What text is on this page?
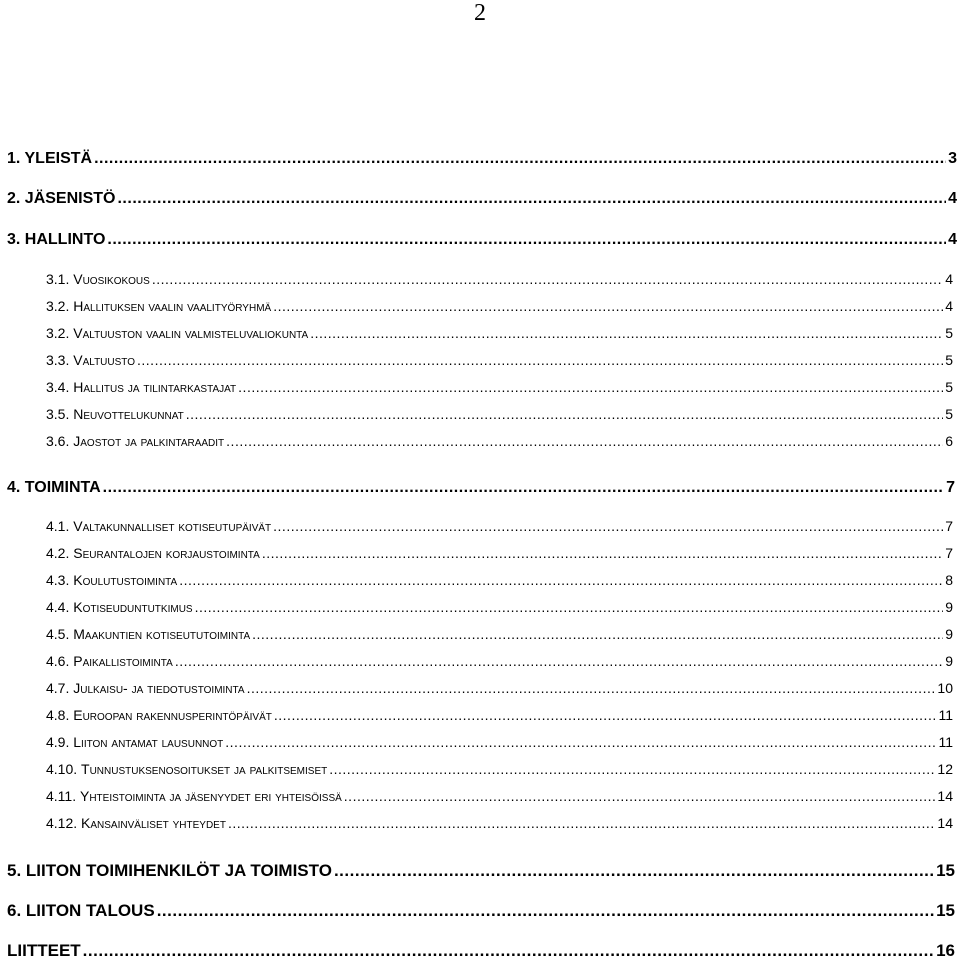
2
1. YLEISTÄ .....	3
2. JÄSENISTÖ .....	4
3. HALLINTO .....	4
3.1. Vuosikokous .....	4
3.2. Hallituksen vaalin vaalityöryhmä .....	4
3.2. Valtuuston vaalin valmisteluvaliokunta .....	5
3.3. Valtuusto .....	5
3.4. Hallitus ja tilintarkastajat .....	5
3.5. Neuvottelukunnat .....	5
3.6. Jaostot ja palkintaraadit .....	6
4. TOIMINTA .....	7
4.1. Valtakunnalliset kotiseutupäivät .....	7
4.2. Seurantalojen korjaustoiminta .....	7
4.3. Koulutustoiminta .....	8
4.4. Kotiseuduntutkimus .....	9
4.5. Maakuntien kotiseututoiminta .....	9
4.6. Paikallistoiminta .....	9
4.7. Julkaisu- ja tiedotustoiminta .....	10
4.8. Euroopan rakennusperintöpäivät .....	11
4.9. Liiton antamat lausunnot .....	11
4.10. Tunnustuksenosoitukset ja palkitsemiset .....	12
4.11. Yhteistoiminta ja jäsenyydet eri yhteisöissä .....	14
4.12. Kansainväliset yhteydet .....	14
5. LIITON TOIMIHENKILÖT JA TOIMISTO .....	15
6. LIITON TALOUS .....	15
LIITTEET .....	16
